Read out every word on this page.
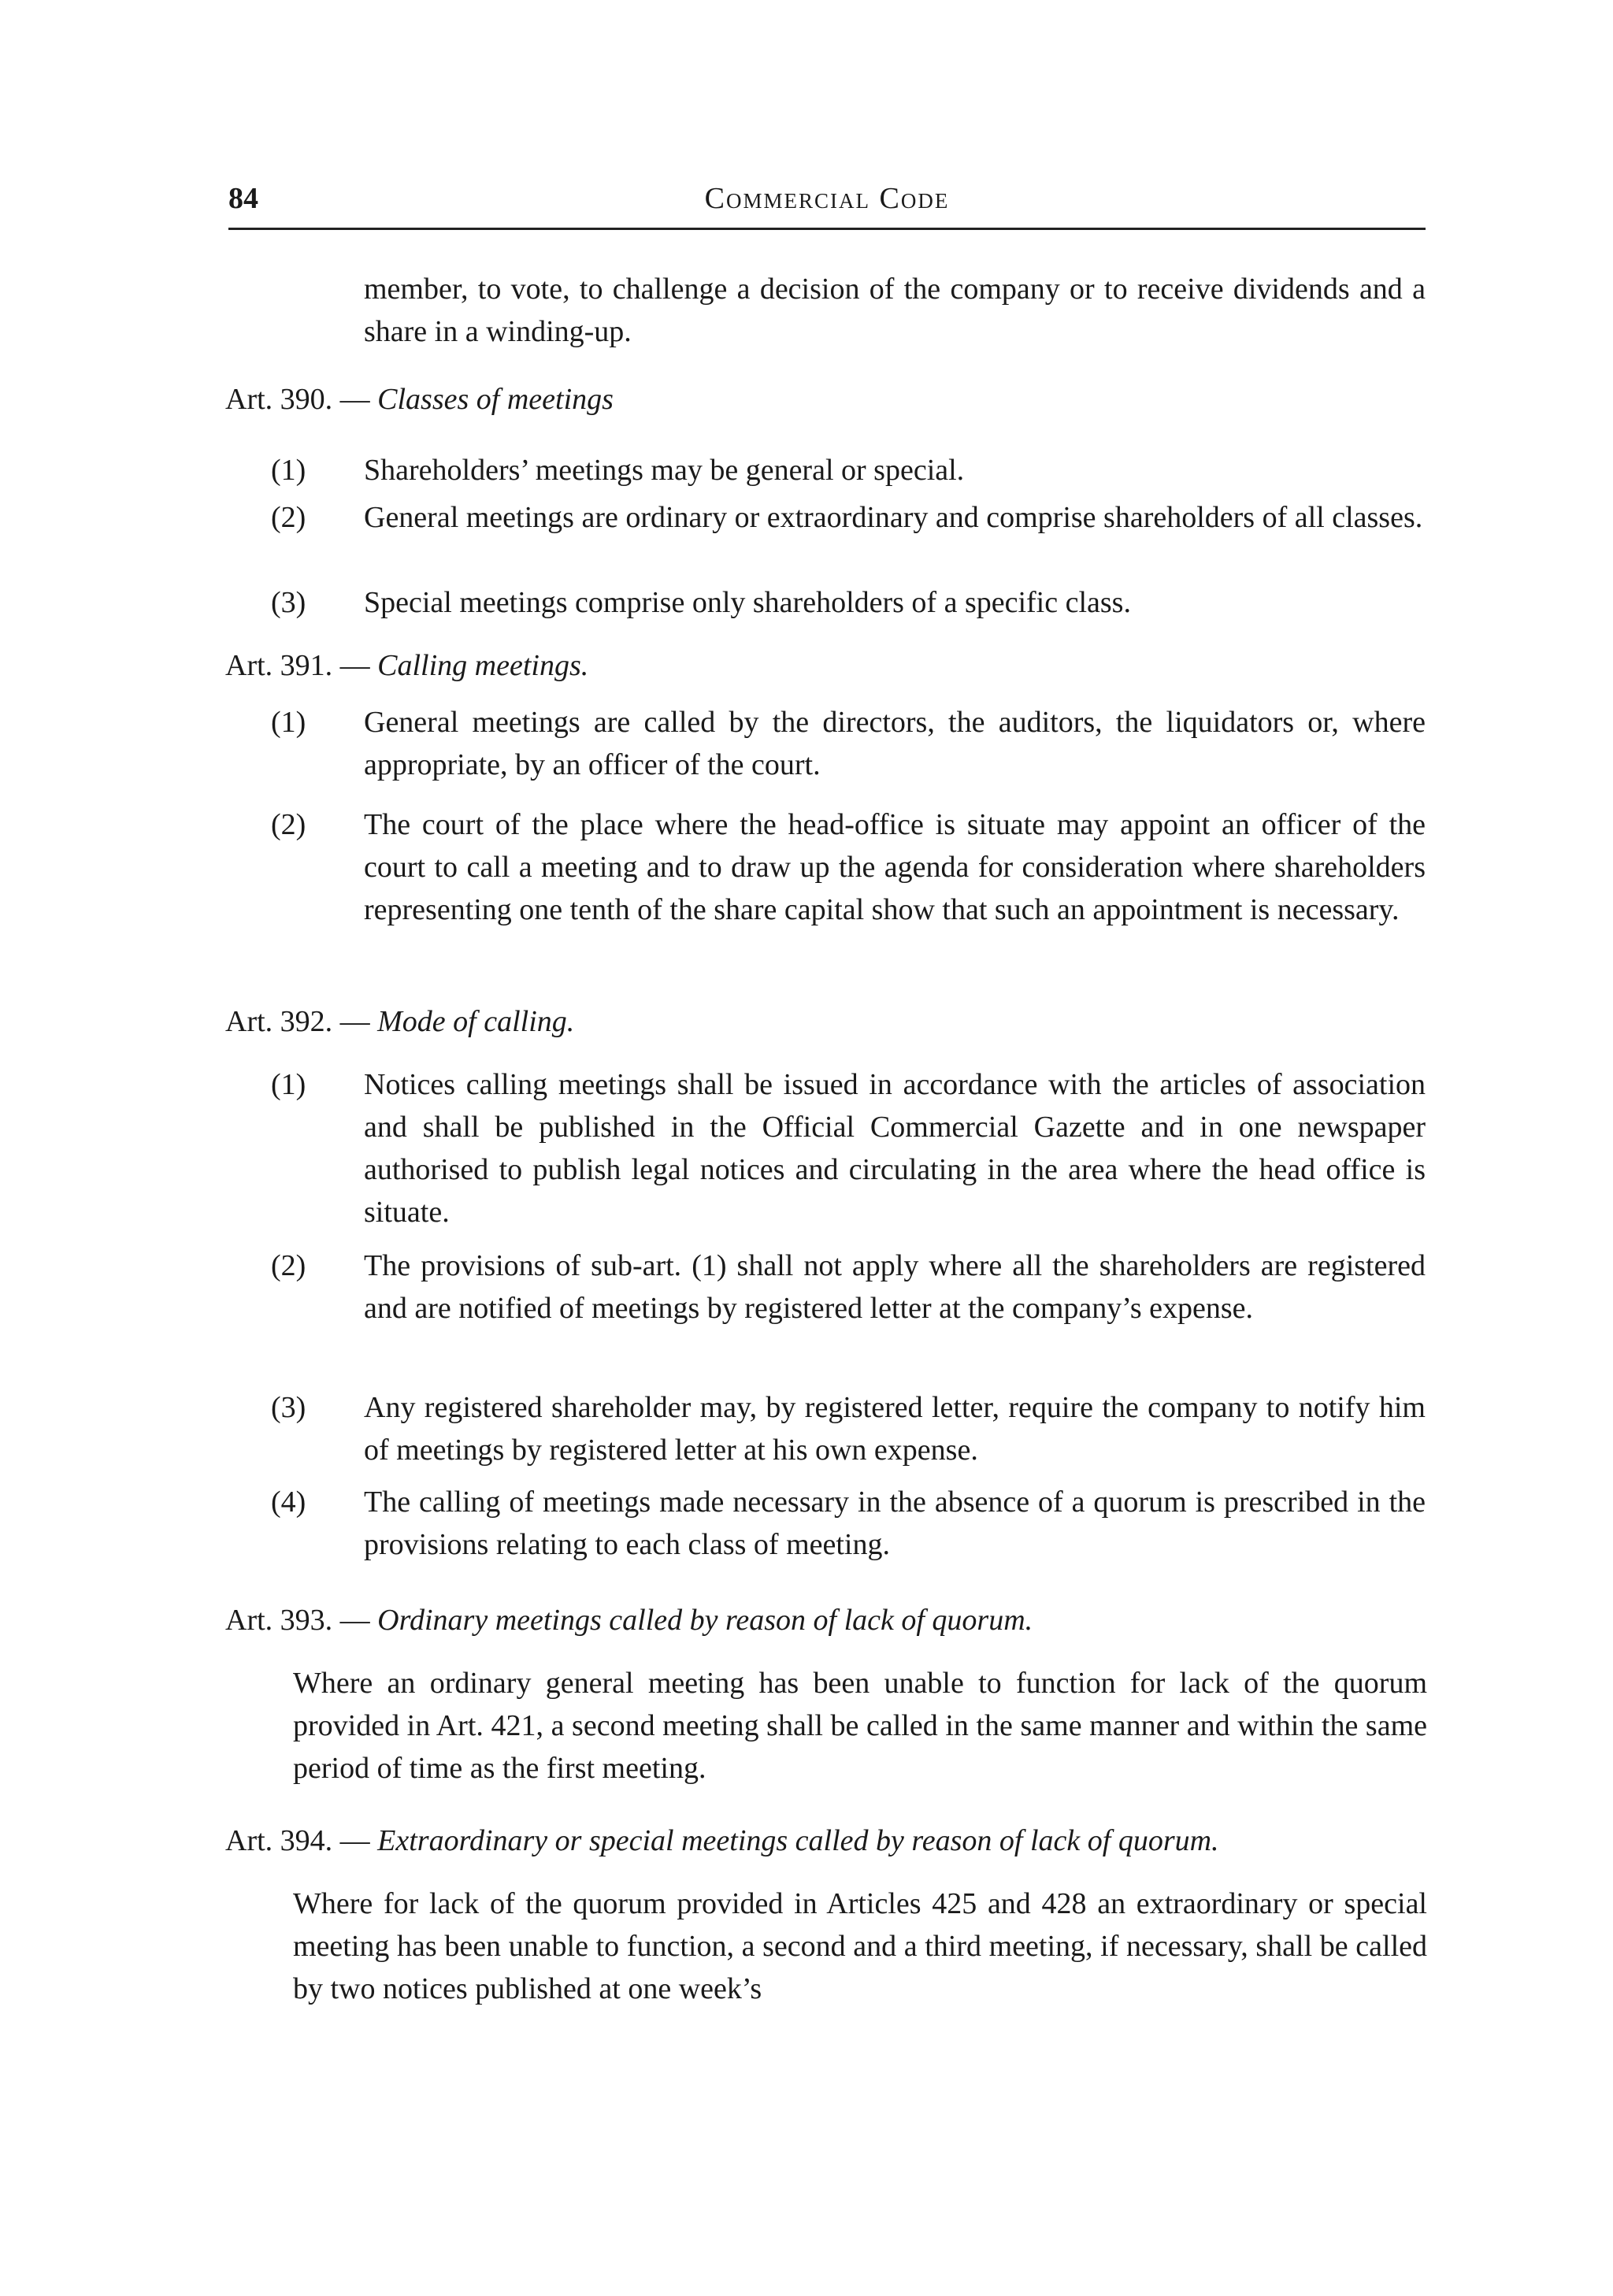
84	Commercial Code
member, to vote, to challenge a decision of the company or to receive dividends and a share in a winding-up.
Art. 390. — Classes of meetings
(1) Shareholders’ meetings may be general or special.
(2) General meetings are ordinary or extraordinary and comprise shareholders of all classes.
(3) Special meetings comprise only shareholders of a specific class.
Art. 391. — Calling meetings.
(1) General meetings are called by the directors, the auditors, the liquidators or, where appropriate, by an officer of the court.
(2) The court of the place where the head-office is situate may appoint an officer of the court to call a meeting and to draw up the agenda for consideration where shareholders representing one tenth of the share capital show that such an appointment is necessary.
Art. 392. — Mode of calling.
(1) Notices calling meetings shall be issued in accordance with the articles of association and shall be published in the Official Commercial Gazette and in one newspaper authorised to publish legal notices and circulating in the area where the head office is situate.
(2) The provisions of sub-art. (1) shall not apply where all the shareholders are registered and are notified of meetings by registered letter at the company’s expense.
(3) Any registered shareholder may, by registered letter, require the company to notify him of meetings by registered letter at his own expense.
(4) The calling of meetings made necessary in the absence of a quorum is prescribed in the provisions relating to each class of meeting.
Art. 393. — Ordinary meetings called by reason of lack of quorum.
Where an ordinary general meeting has been unable to function for lack of the quorum provided in Art. 421, a second meeting shall be called in the same manner and within the same period of time as the first meeting.
Art. 394. — Extraordinary or special meetings called by reason of lack of quorum.
Where for lack of the quorum provided in Articles 425 and 428 an extraordinary or special meeting has been unable to function, a second and a third meeting, if necessary, shall be called by two notices published at one week’s
